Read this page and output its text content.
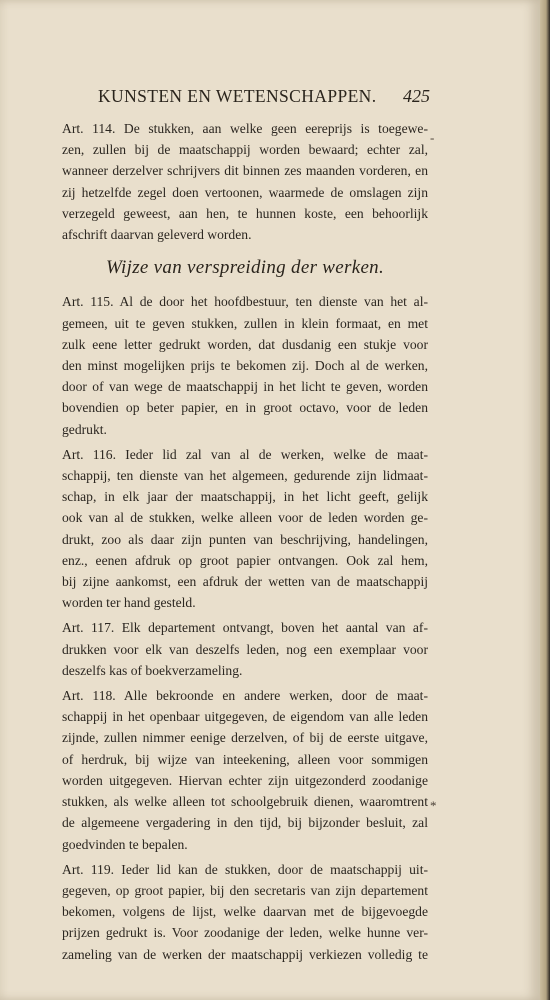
KUNSTEN EN WETENSCHAPPEN. 425
-
*
Art. 114. De stukken, aan welke geen eereprijs is toegewe-
zen, zullen bij de maatschappij worden bewaard; echter zal,
wanneer derzelver schrijvers dit binnen zes maanden vorderen, en
zij hetzelfde zegel doen vertoonen, waarmede de omslagen zijn
verzegeld geweest, aan hen, te hunnen koste, een behoorlijk
afschrift daarvan geleverd worden.
Wijze van verspreiding der werken.
Art. 115. Al de door het hoofdbestuur, ten dienste van het al-
gemeen, uit te geven stukken, zullen in klein formaat, en met
zulk eene letter gedrukt worden, dat dusdanig een stukje voor
den minst mogelijken prijs te bekomen zij. Doch al de werken,
door of van wege de maatschappij in het licht te geven, worden
bovendien op beter papier, en in groot octavo, voor de leden
gedrukt.
Art. 116. Ieder lid zal van al de werken, welke de maat-
schappij, ten dienste van het algemeen, gedurende zijn lidmaat-
schap, in elk jaar der maatschappij, in het licht geeft, gelijk
ook van al de stukken, welke alleen voor de leden worden ge-
drukt, zoo als daar zijn punten van beschrijving, handelingen,
enz., eenen afdruk op groot papier ontvangen. Ook zal hem,
bij zijne aankomst, een afdruk der wetten van de maatschappij
worden ter hand gesteld.
Art. 117. Elk departement ontvangt, boven het aantal van af-
drukken voor elk van deszelfs leden, nog een exemplaar voor
deszelfs kas of boekverzameling.
Art. 118. Alle bekroonde en andere werken, door de maat-
schappij in het openbaar uitgegeven, de eigendom van alle leden
zijnde, zullen nimmer eenige derzelven, of bij de eerste uitgave,
of herdruk, bij wijze van inteekening, alleen voor sommigen
worden uitgegeven. Hiervan echter zijn uitgezonderd zoodanige
stukken, als welke alleen tot schoolgebruik dienen, waaromtrent
de algemeene vergadering in den tijd, bij bijzonder besluit, zal
goedvinden te bepalen.
Art. 119. Ieder lid kan de stukken, door de maatschappij uit-
gegeven, op groot papier, bij den secretaris van zijn departement
bekomen, volgens de lijst, welke daarvan met de bijgevoegde
prijzen gedrukt is. Voor zoodanige der leden, welke hunne ver-
zameling van de werken der maatschappij verkiezen volledig te
